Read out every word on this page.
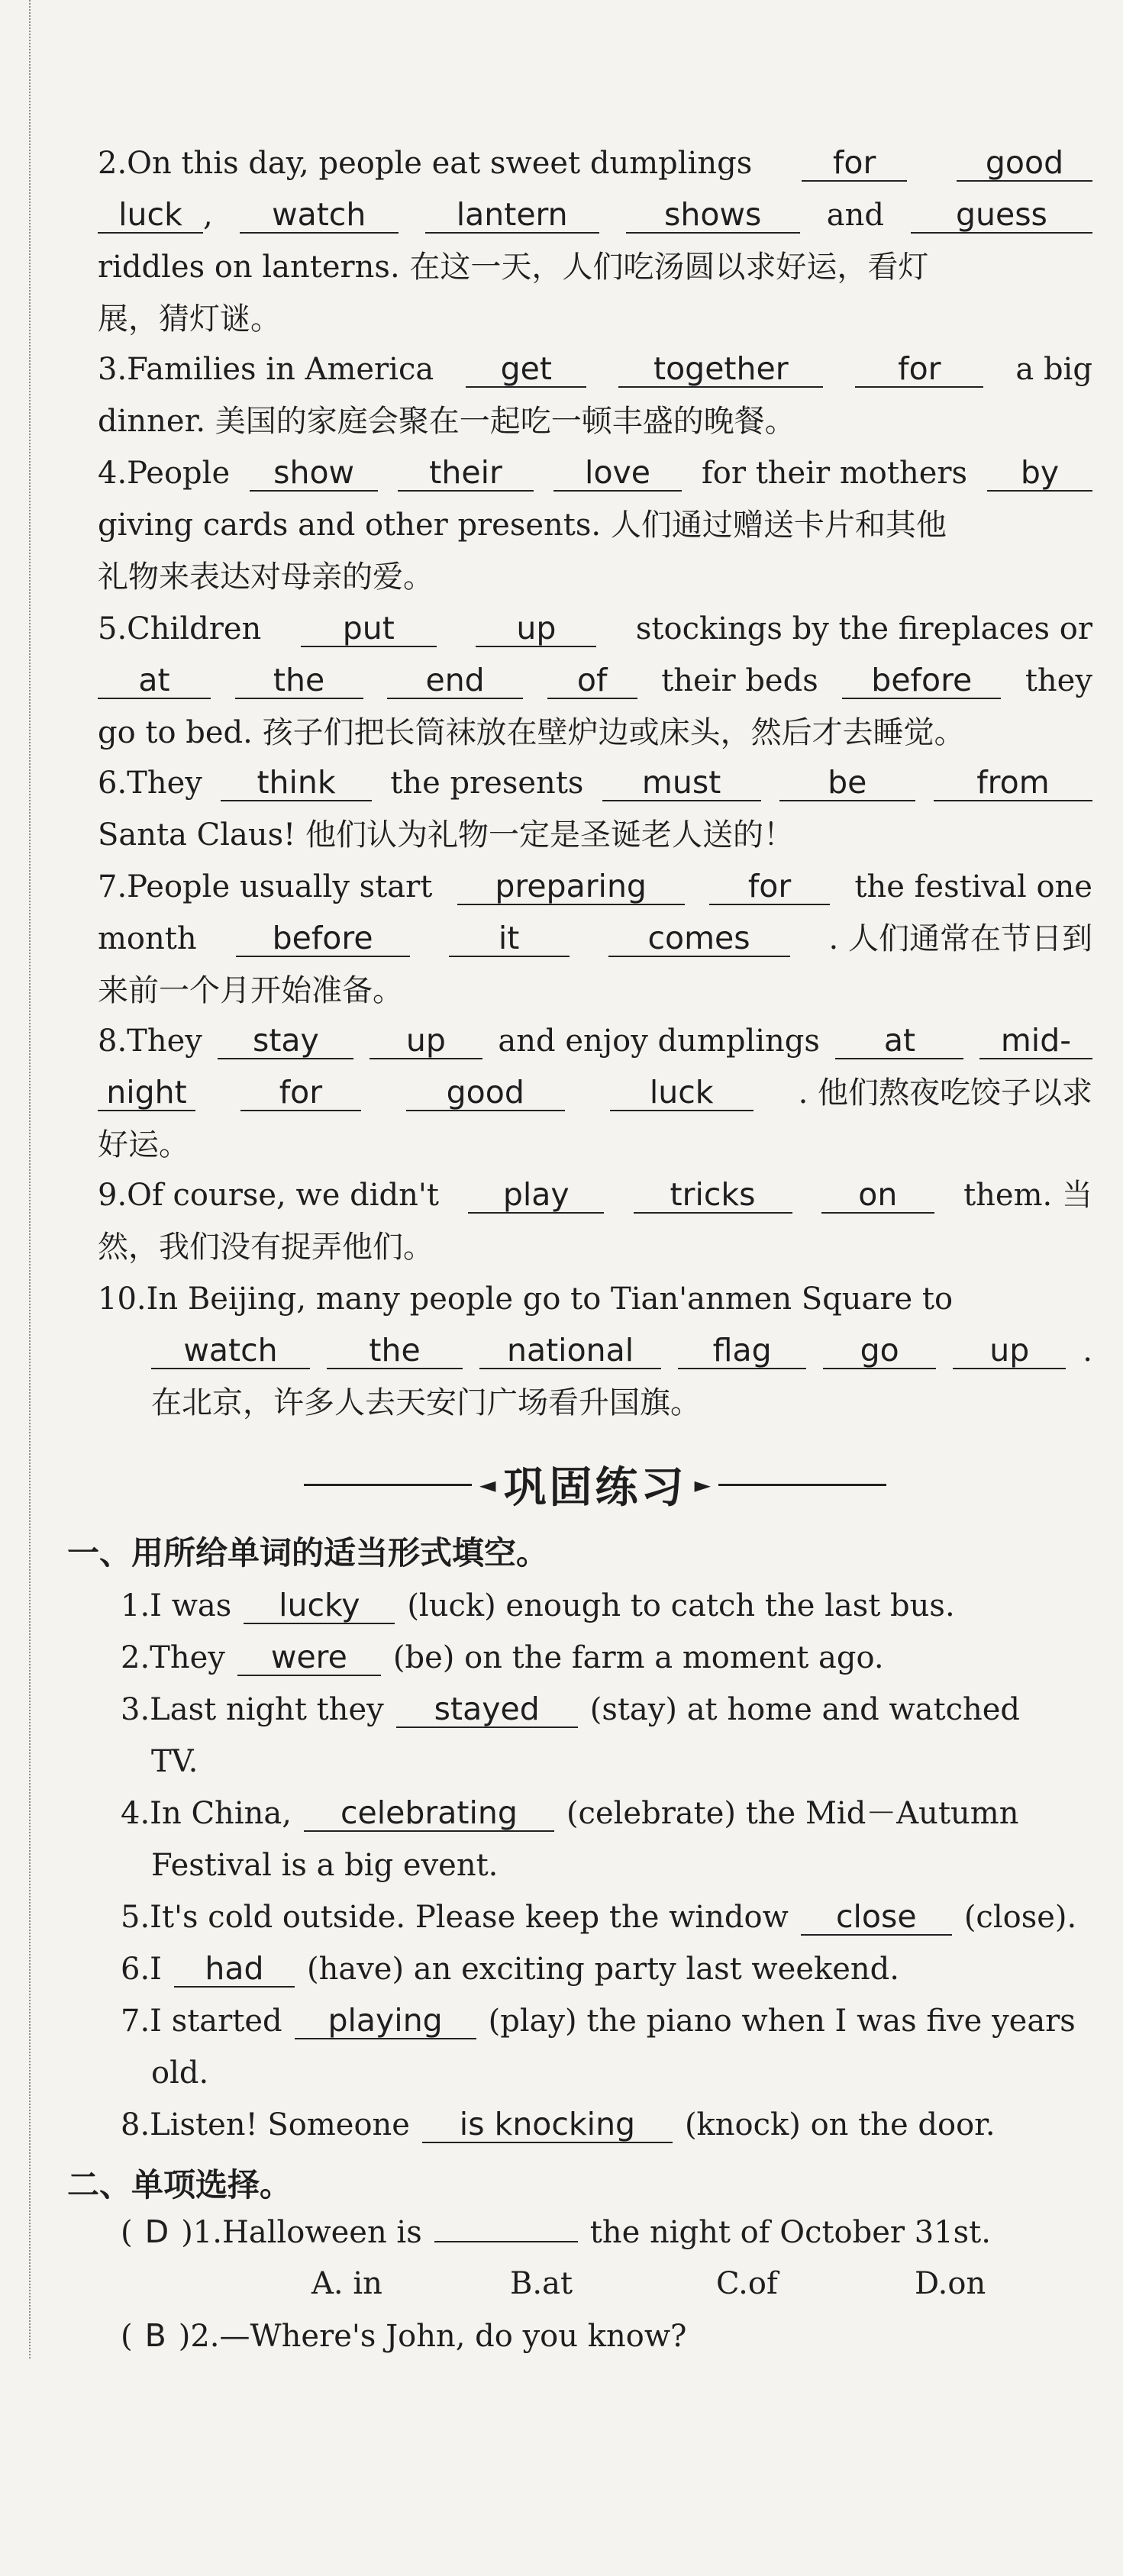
2.On this day, people eat sweet dumplings	for	good
luck ,	watch	lantern	shows	and	guess
riddles on lanterns. 在这一天，人们吃汤圆以求好运，看灯
展，猜灯谜。
3.Families in America	get	together	for	a big
dinner. 美国的家庭会聚在一起吃一顿丰盛的晚餐。
4.People	show	their	love	for their mothers	by
giving cards and other presents. 人们通过赠送卡片和其他
礼物来表达对母亲的爱。
5.Children	put	up	stockings by the fireplaces or
at	the	end	of	their beds	before	they
go to bed. 孩子们把长筒袜放在壁炉边或床头，然后才去睡觉。
6.They	think	the presents	must	be	from
Santa Claus! 他们认为礼物一定是圣诞老人送的！
7.People usually start	preparing	for	the festival one
month	before	it	comes	. 人们通常在节日到
来前一个月开始准备。
8.They	stay	up	and enjoy dumplings	at	mid-
night	for	good	luck	. 他们熬夜吃饺子以求
好运。
9.Of course, we didn't	play	tricks	on	them. 当
然，我们没有捉弄他们。
10.In Beijing, many people go to Tian'anmen Square to
watch	the	national	flag	go	up	.
在北京，许多人去天安门广场看升国旗。
◄ 巩固练习 ►
一、用所给单词的适当形式填空。
1.I was	lucky	(luck) enough to catch the last bus.
2.They	were	(be) on the farm a moment ago.
3.Last night they	stayed	(stay) at home and watched
TV.
4.In China,	celebrating	(celebrate) the Mid－Autumn
Festival is a big event.
5.It's cold outside. Please keep the window	close	(close).
6.I	had	(have) an exciting party last weekend.
7.I started	playing	(play) the piano when I was five years
old.
8.Listen! Someone	is knocking	(knock) on the door.
二、单项选择。
( D )1.Halloween is	the night of October 31st.
A. in	B.at	C.of	D.on
( B )2.—Where's John, do you know?
